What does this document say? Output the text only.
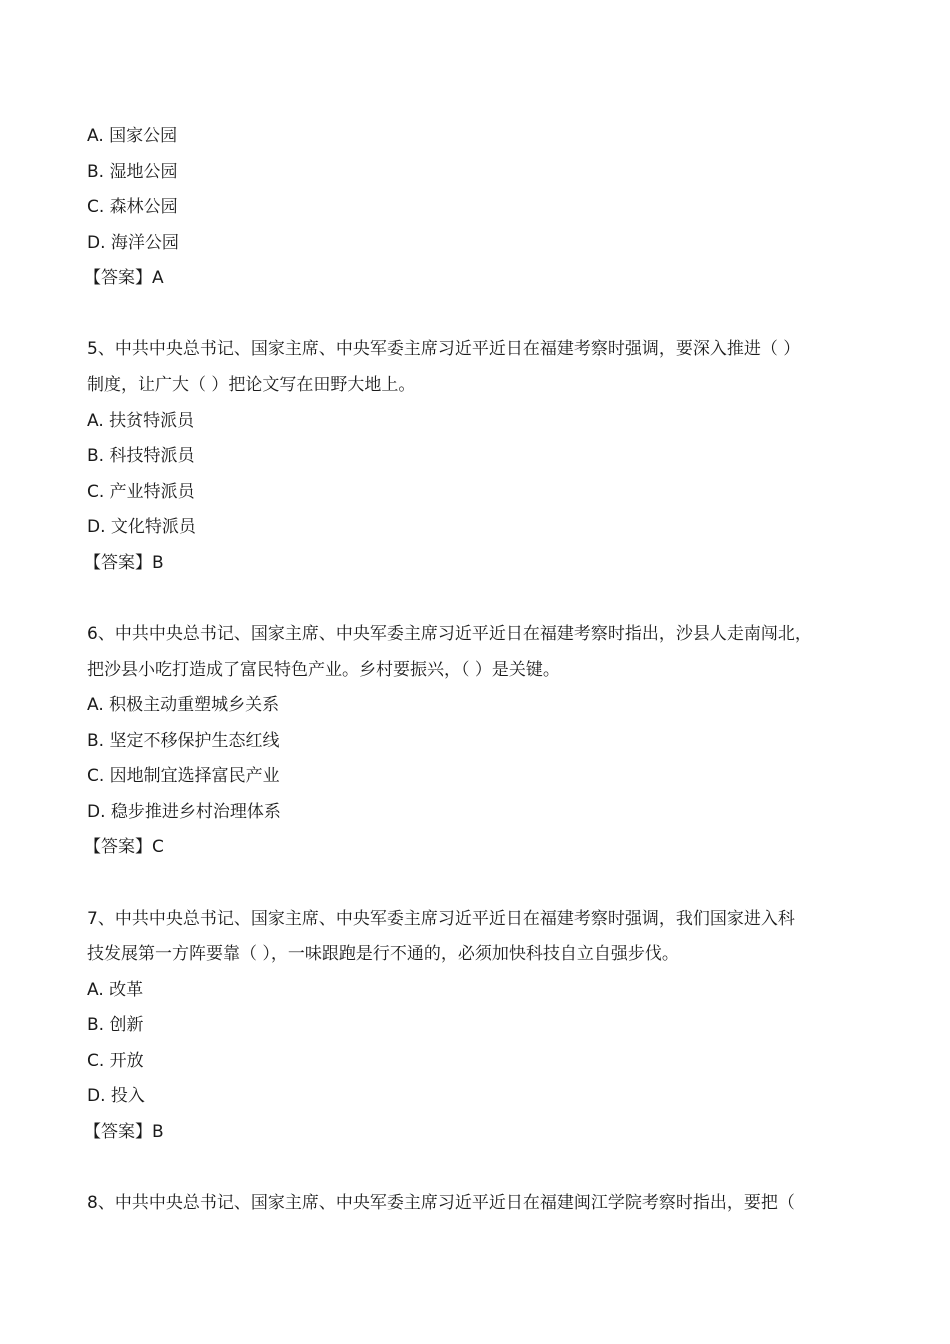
A. 国家公园
B. 湿地公园
C. 森林公园
D. 海洋公园
【答案】A
5、中共中央总书记、国家主席、中央军委主席习近平近日在福建考察时强调，要深入推进（ ）
制度，让广大（ ）把论文写在田野大地上。
A. 扶贫特派员
B. 科技特派员
C. 产业特派员
D. 文化特派员
【答案】B
6、中共中央总书记、国家主席、中央军委主席习近平近日在福建考察时指出，沙县人走南闯北，
把沙县小吃打造成了富民特色产业。乡村要振兴，（ ）是关键。
A. 积极主动重塑城乡关系
B. 坚定不移保护生态红线
C. 因地制宜选择富民产业
D. 稳步推进乡村治理体系
【答案】C
7、中共中央总书记、国家主席、中央军委主席习近平近日在福建考察时强调，我们国家进入科
技发展第一方阵要靠（ ），一味跟跑是行不通的，必须加快科技自立自强步伐。
A. 改革
B. 创新
C. 开放
D. 投入
【答案】B
8、中共中央总书记、国家主席、中央军委主席习近平近日在福建闽江学院考察时指出，要把（
